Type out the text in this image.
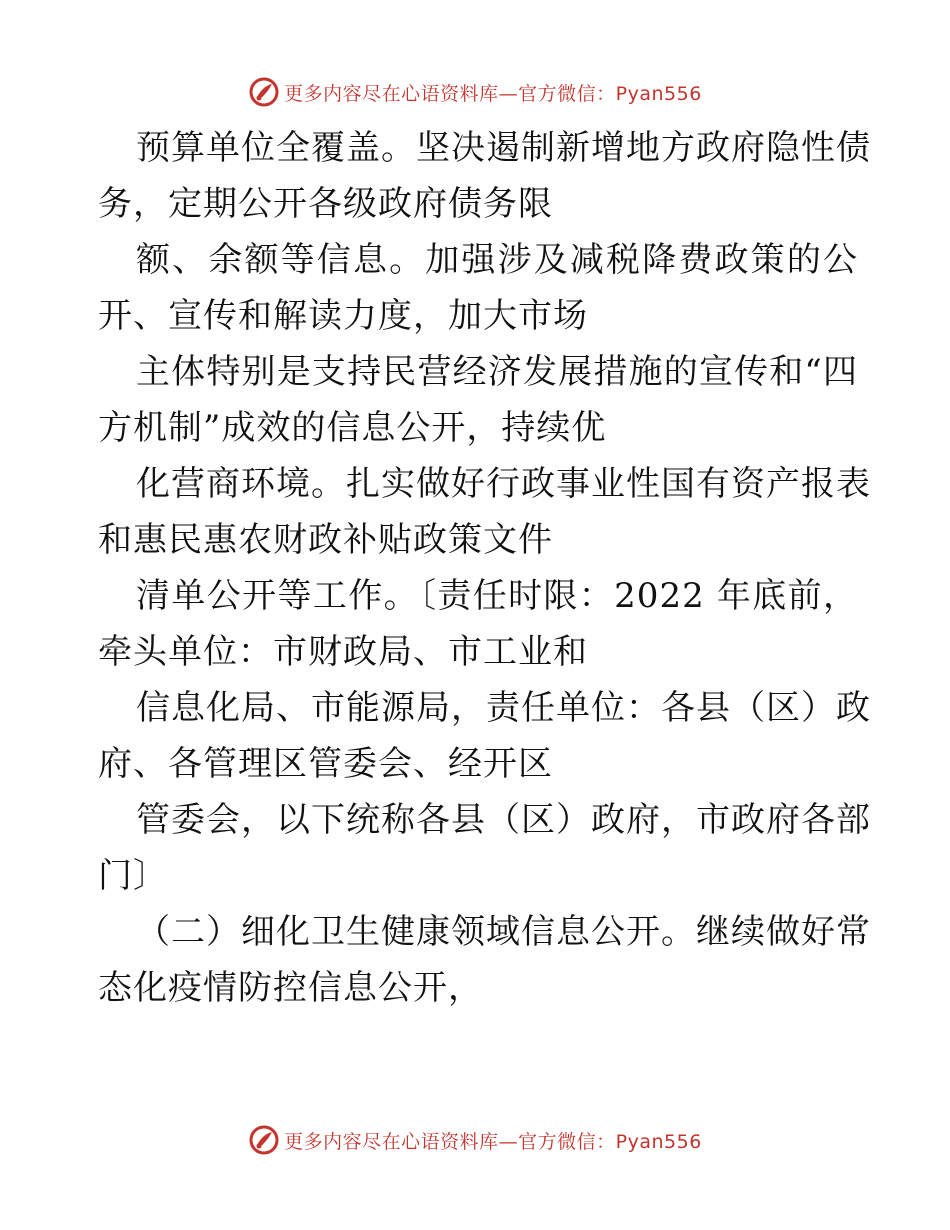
更多内容尽在心语资料库—官方微信：Pyan556
预算单位全覆盖。坚决遏制新增地方政府隐性债
务，定期公开各级政府债务限
额、余额等信息。加强涉及减税降费政策的公
开、宣传和解读力度，加大市场
主体特别是支持民营经济发展措施的宣传和“四
方机制”成效的信息公开，持续优
化营商环境。扎实做好行政事业性国有资产报表
和惠民惠农财政补贴政策文件
清单公开等工作。〔责任时限：2022 年底前，
牵头单位：市财政局、市工业和
信息化局、市能源局，责任单位：各县（区）政
府、各管理区管委会、经开区
管委会，以下统称各县（区）政府，市政府各部
门〕
（二）细化卫生健康领域信息公开。继续做好常
态化疫情防控信息公开，
更多内容尽在心语资料库—官方微信：Pyan556
